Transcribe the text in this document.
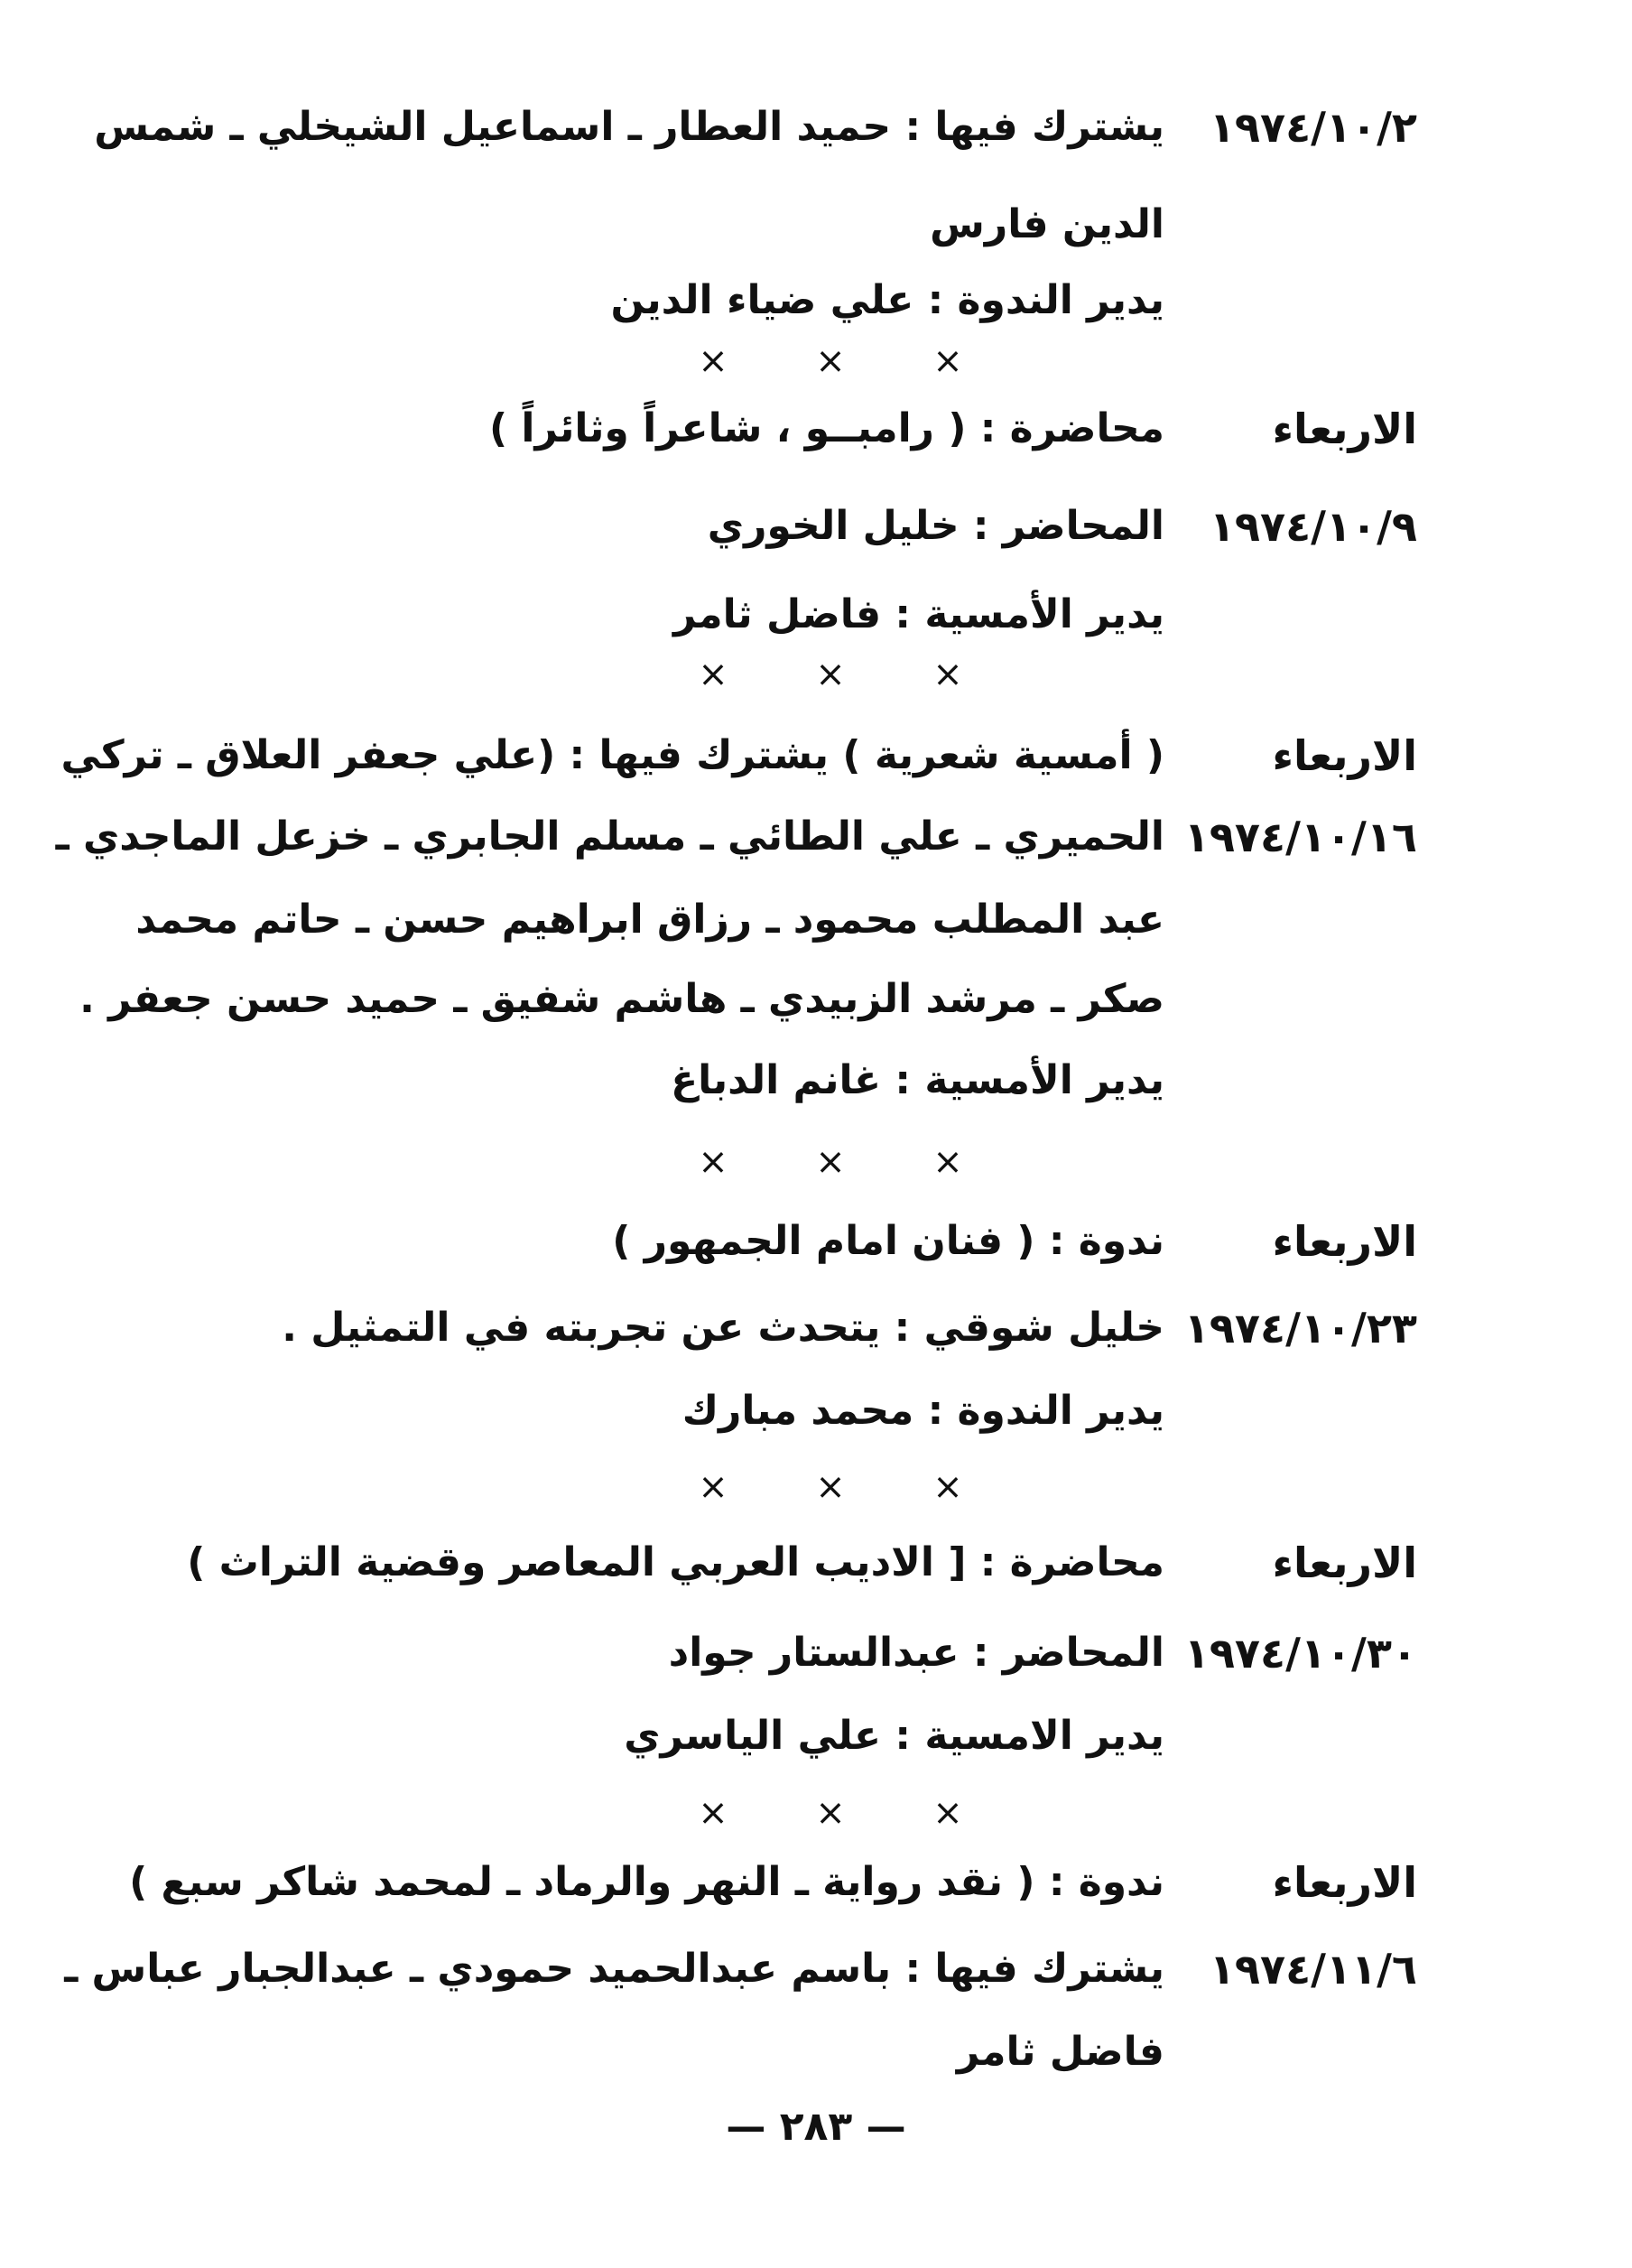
١٩٧٤/١٠/٢
يشترك فيها : حميد العطار ـ اسماعيل الشيخلي ـ شمس
الدين فارس
يدير الندوة : علي ضياء الدين
× × ×
الاربعاء
محاضرة : ( رامبــو ، شاعراً وثائراً )
١٩٧٤/١٠/٩
المحاضر : خليل الخوري
يدير الأمسية : فاضل ثامر
× × ×
الاربعاء
( أمسية شعرية ) يشترك فيها : (علي جعفر العلاق ـ تركي
١٩٧٤/١٠/١٦
الحميري ـ علي الطائي ـ مسلم الجابري ـ خزعل الماجدي ـ
عبد المطلب محمود ـ رزاق ابراهيم حسن ـ حاتم محمد
صكر ـ مرشد الزبيدي ـ هاشم شفيق ـ حميد حسن جعفر .
يدير الأمسية : غانم الدباغ
× × ×
الاربعاء
ندوة : ( فنان امام الجمهور )
١٩٧٤/١٠/٢٣
خليل شوقي : يتحدث عن تجربته في التمثيل .
يدير الندوة : محمد مبارك
× × ×
الاربعاء
محاضرة : [ الاديب العربي المعاصر وقضية التراث )
١٩٧٤/١٠/٣٠
المحاضر : عبدالستار جواد
يدير الامسية : علي الياسري
× × ×
الاربعاء
ندوة : ( نقد رواية ـ النهر والرماد ـ لمحمد شاكر سبع )
١٩٧٤/١١/٦
يشترك فيها : باسم عبدالحميد حمودي ـ عبدالجبار عباس ـ
فاضل ثامر
— ٢٨٣ —
